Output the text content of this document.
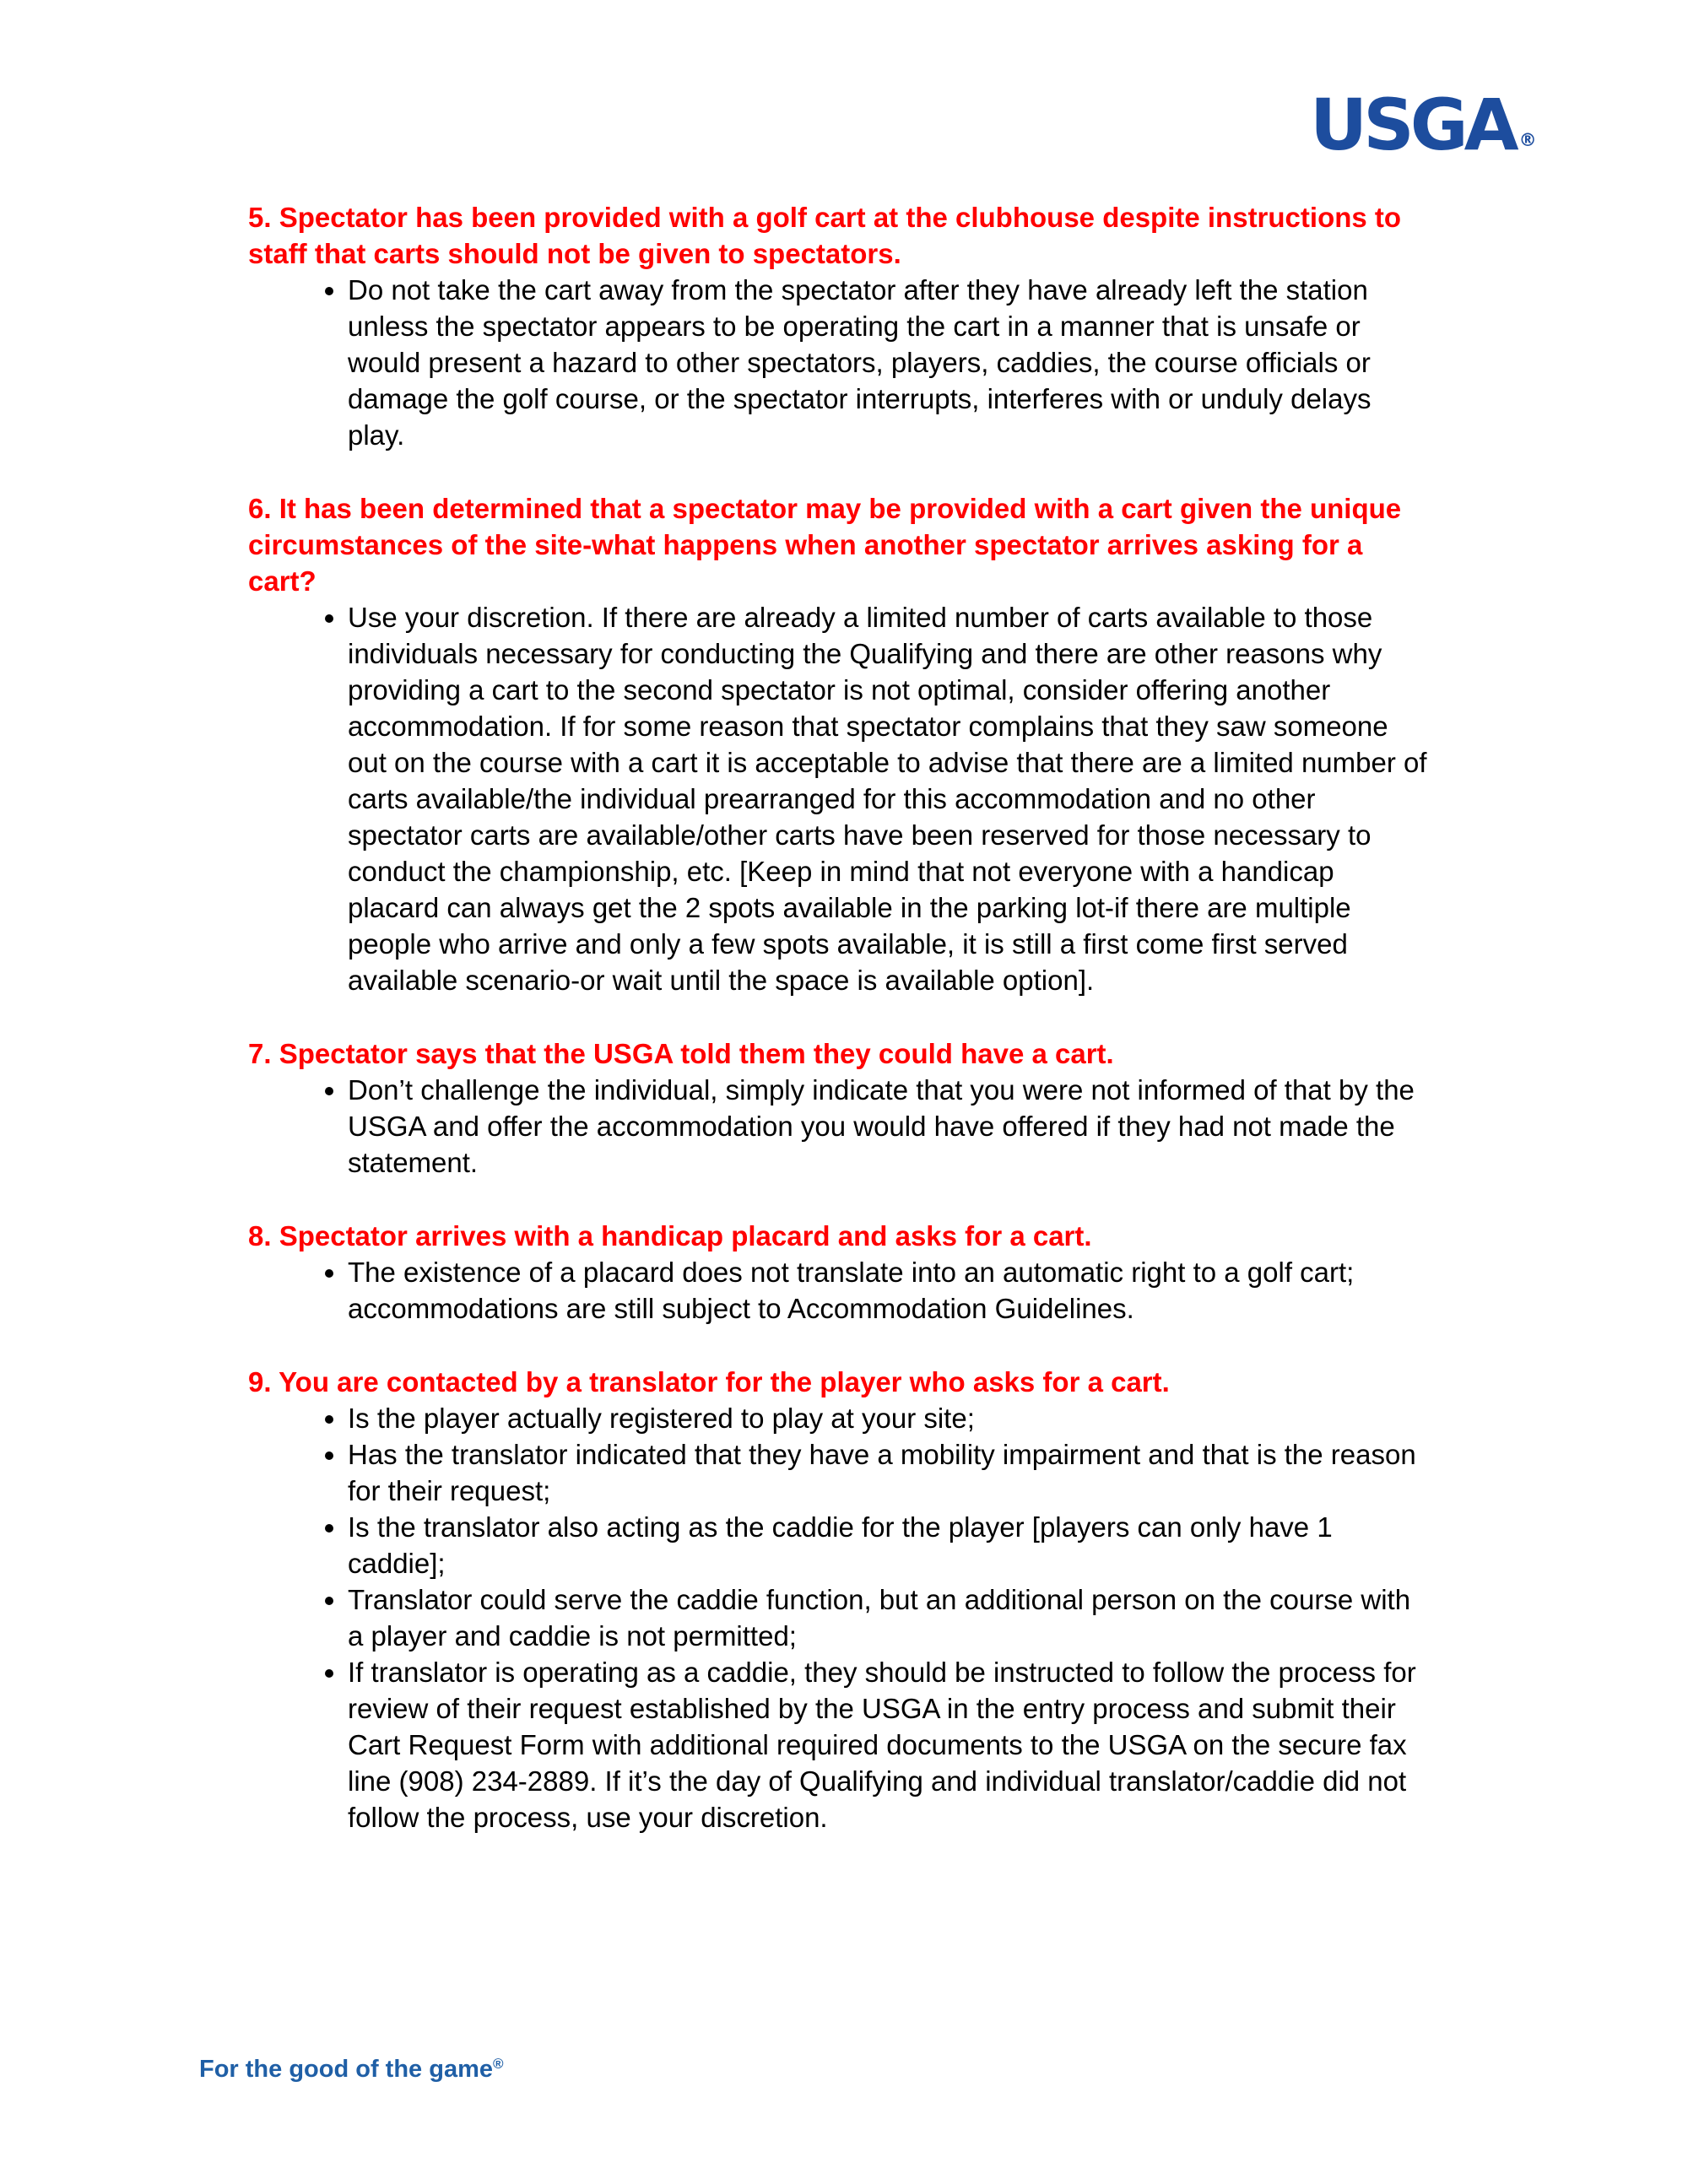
USGA ®
5. Spectator has been provided with a golf cart at the clubhouse despite instructions to staff that carts should not be given to spectators.
• Do not take the cart away from the spectator after they have already left the station unless the spectator appears to be operating the cart in a manner that is unsafe or would present a hazard to other spectators, players, caddies, the course officials or damage the golf course, or the spectator interrupts, interferes with or unduly delays play.
6. It has been determined that a spectator may be provided with a cart given the unique circumstances of the site-what happens when another spectator arrives asking for a cart?
• Use your discretion. If there are already a limited number of carts available to those individuals necessary for conducting the Qualifying and there are other reasons why providing a cart to the second spectator is not optimal, consider offering another accommodation. If for some reason that spectator complains that they saw someone out on the course with a cart it is acceptable to advise that there are a limited number of carts available/the individual prearranged for this accommodation and no other spectator carts are available/other carts have been reserved for those necessary to conduct the championship, etc. [Keep in mind that not everyone with a handicap placard can always get the 2 spots available in the parking lot-if there are multiple people who arrive and only a few spots available, it is still a first come first served available scenario-or wait until the space is available option].
7. Spectator says that the USGA told them they could have a cart.
• Don’t challenge the individual, simply indicate that you were not informed of that by the USGA and offer the accommodation you would have offered if they had not made the statement.
8. Spectator arrives with a handicap placard and asks for a cart.
• The existence of a placard does not translate into an automatic right to a golf cart; accommodations are still subject to Accommodation Guidelines.
9. You are contacted by a translator for the player who asks for a cart.
• Is the player actually registered to play at your site;
• Has the translator indicated that they have a mobility impairment and that is the reason for their request;
• Is the translator also acting as the caddie for the player [players can only have 1 caddie];
• Translator could serve the caddie function, but an additional person on the course with a player and caddie is not permitted;
• If translator is operating as a caddie, they should be instructed to follow the process for review of their request established by the USGA in the entry process and submit their Cart Request Form with additional required documents to the USGA on the secure fax line (908) 234-2889. If it’s the day of Qualifying and individual translator/caddie did not follow the process, use your discretion.
For the good of the game®
